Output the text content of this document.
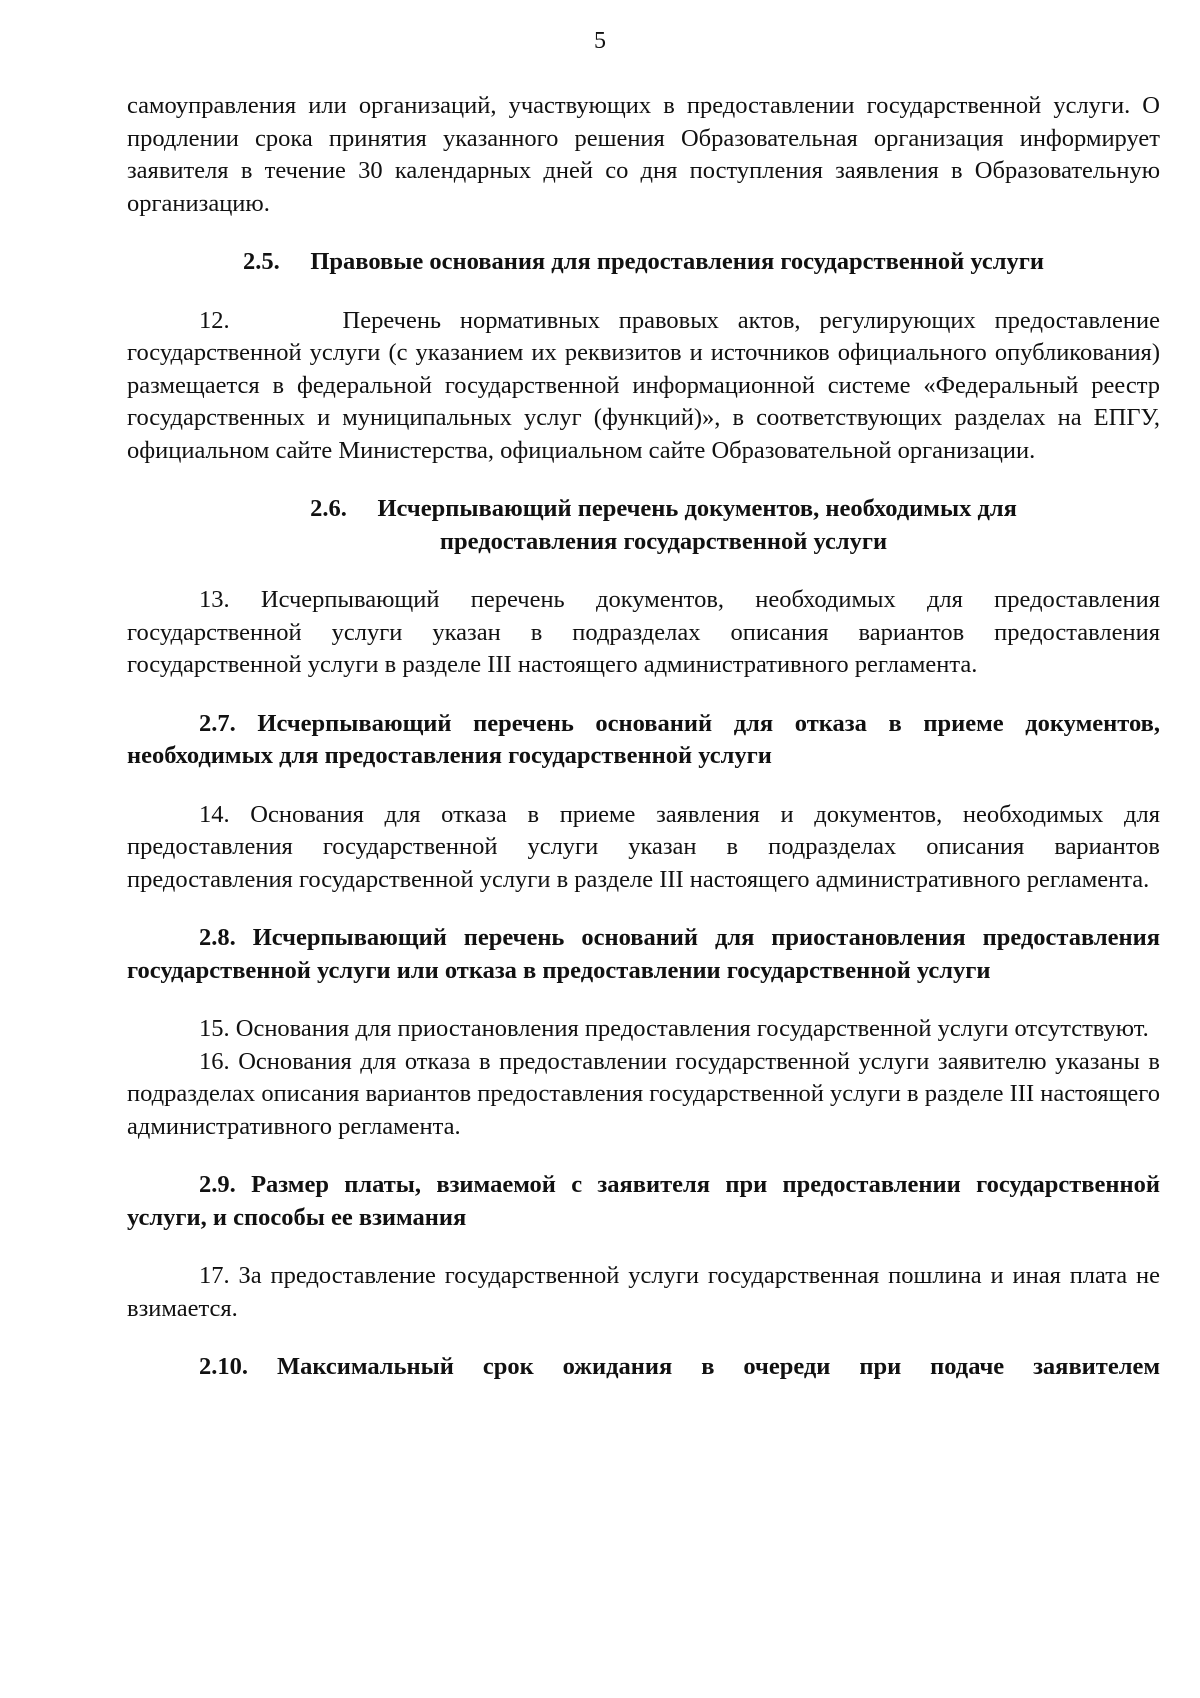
5

самоуправления или организаций, участвующих в предоставлении государственной услуги. О продлении срока принятия указанного решения Образовательная организация информирует заявителя в течение 30 календарных дней со дня поступления заявления в Образовательную организацию.

2.5. Правовые основания для предоставления государственной услуги

12.	Перечень нормативных правовых актов, регулирующих предоставление государственной услуги (с указанием их реквизитов и источников официального опубликования) размещается в федеральной государственной информационной системе «Федеральный реестр государственных и муниципальных услуг (функций)», в соответствующих разделах на ЕПГУ, официальном сайте Министерства, официальном сайте Образовательной организации.

2.6. Исчерпывающий перечень документов, необходимых для предоставления государственной услуги

13. Исчерпывающий перечень документов, необходимых для предоставления государственной услуги указан в подразделах описания вариантов предоставления государственной услуги в разделе III настоящего административного регламента.

2.7. Исчерпывающий перечень оснований для отказа в приеме документов, необходимых для предоставления государственной услуги

14. Основания для отказа в приеме заявления и документов, необходимых для предоставления государственной услуги указан в подразделах описания вариантов предоставления государственной услуги в разделе III настоящего административного регламента.

2.8. Исчерпывающий перечень оснований для приостановления предоставления государственной услуги или отказа в предоставлении государственной услуги

15. Основания для приостановления предоставления государственной услуги отсутствуют.

16. Основания для отказа в предоставлении государственной услуги заявителю указаны в подразделах описания вариантов предоставления государственной услуги в разделе III настоящего административного регламента.

2.9. Размер платы, взимаемой с заявителя при предоставлении государственной услуги, и способы ее взимания

17. За предоставление государственной услуги государственная пошлина и иная плата не взимается.

2.10. Максимальный срок ожидания в очереди при подаче заявителем
